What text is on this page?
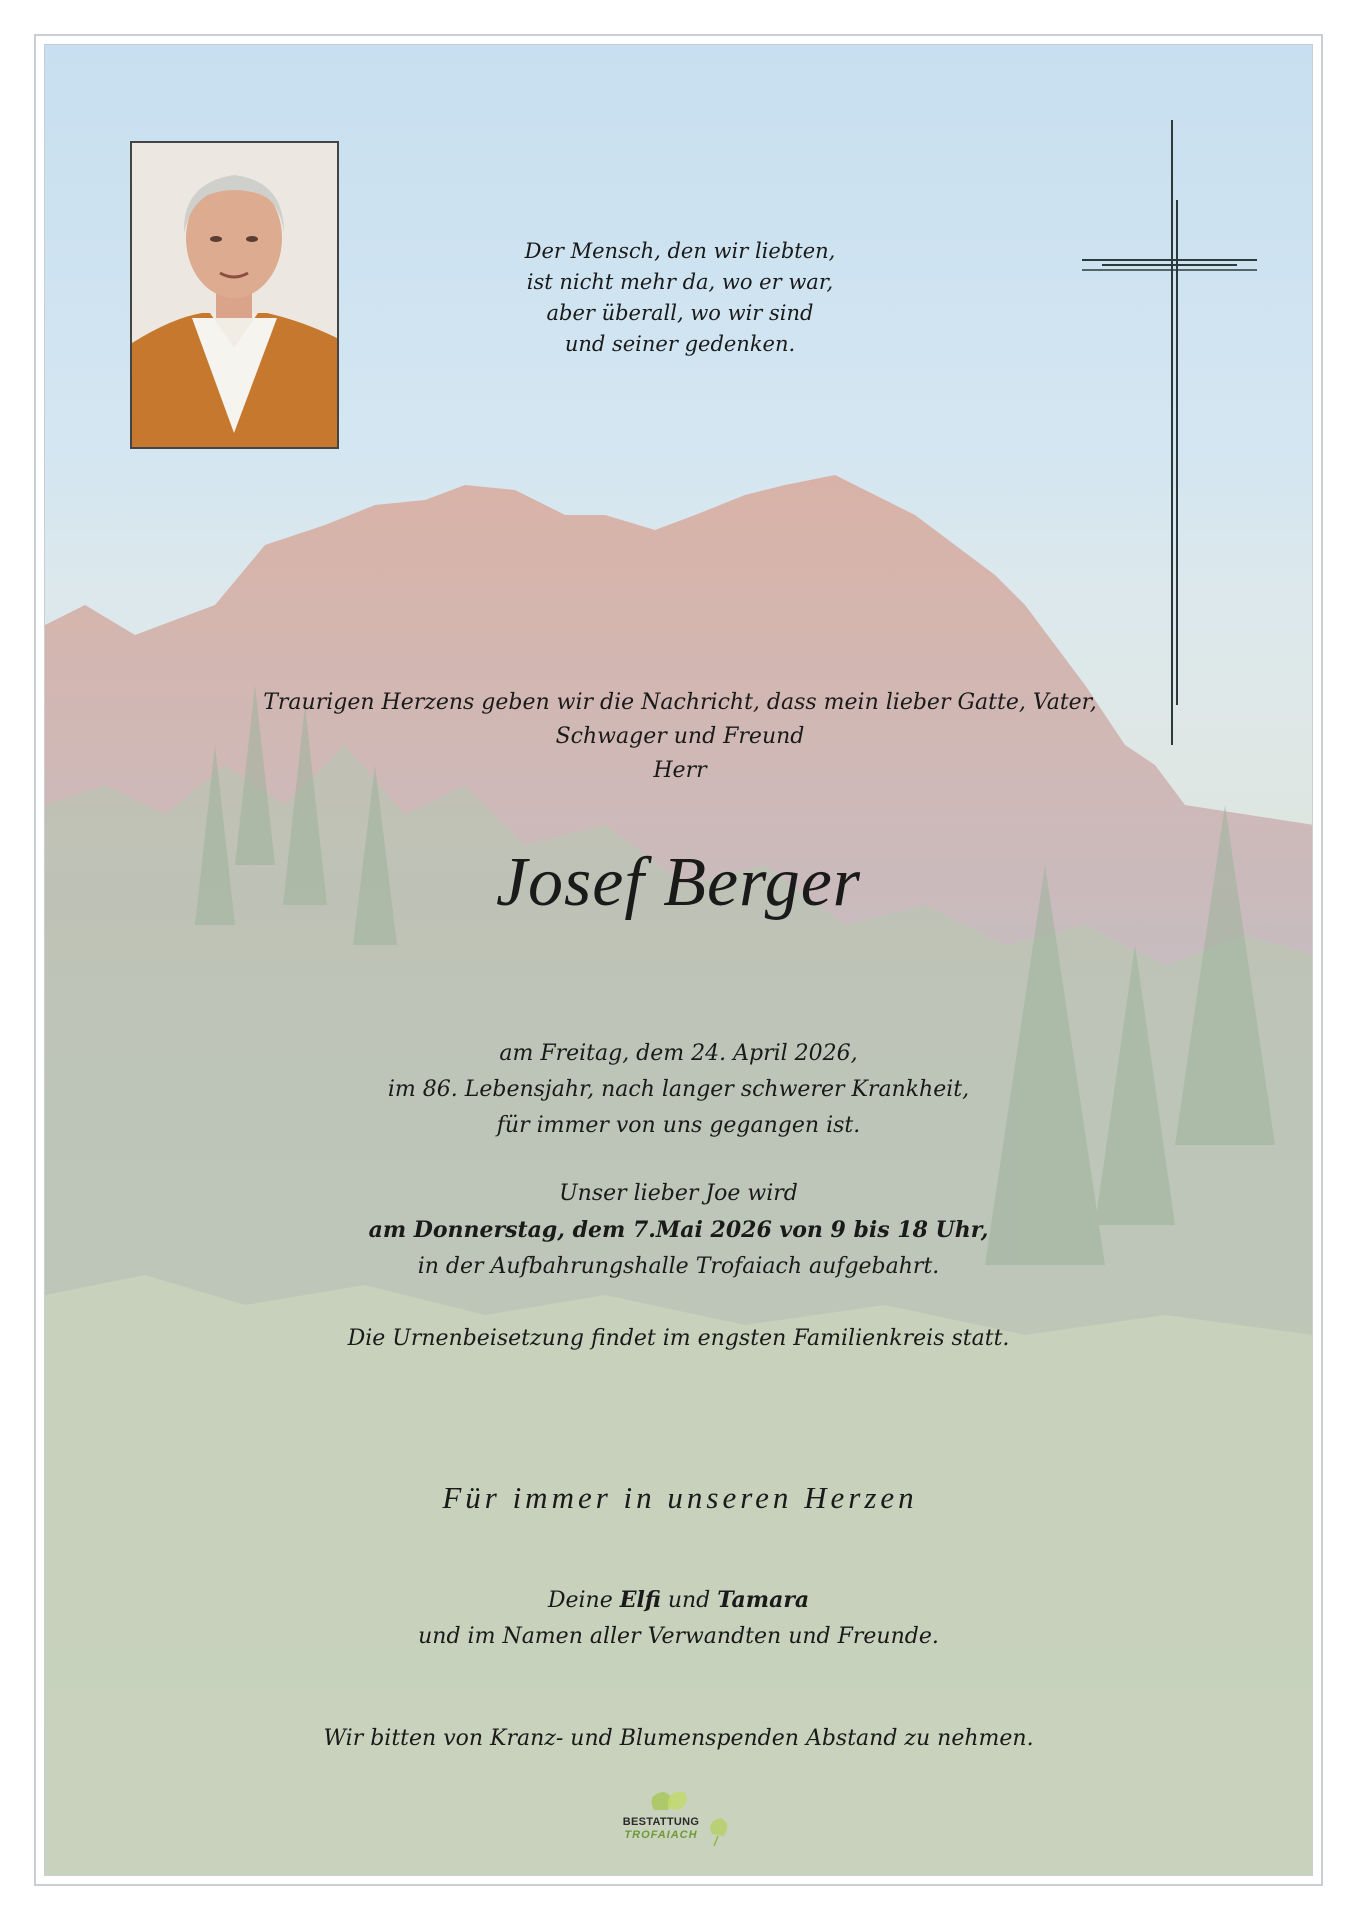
Der Mensch, den wir liebten,
ist nicht mehr da, wo er war,
aber überall, wo wir sind
und seiner gedenken.
Traurigen Herzens geben wir die Nachricht, dass mein lieber Gatte, Vater,
Schwager und Freund
Herr
Josef Berger
am Freitag, dem 24. April 2026,
im 86. Lebensjahr, nach langer schwerer Krankheit,
für immer von uns gegangen ist.
Unser lieber Joe wird
am Donnerstag, dem 7.Mai 2026 von 9 bis 18 Uhr,
in der Aufbahrungshalle Trofaiach aufgebahrt.
Die Urnenbeisetzung findet im engsten Familienkreis statt.
Für immer in unseren Herzen
Deine Elfi und Tamara
und im Namen aller Verwandten und Freunde.
Wir bitten von Kranz- und Blumenspenden Abstand zu nehmen.
BESTATTUNG
TROFAIACH
